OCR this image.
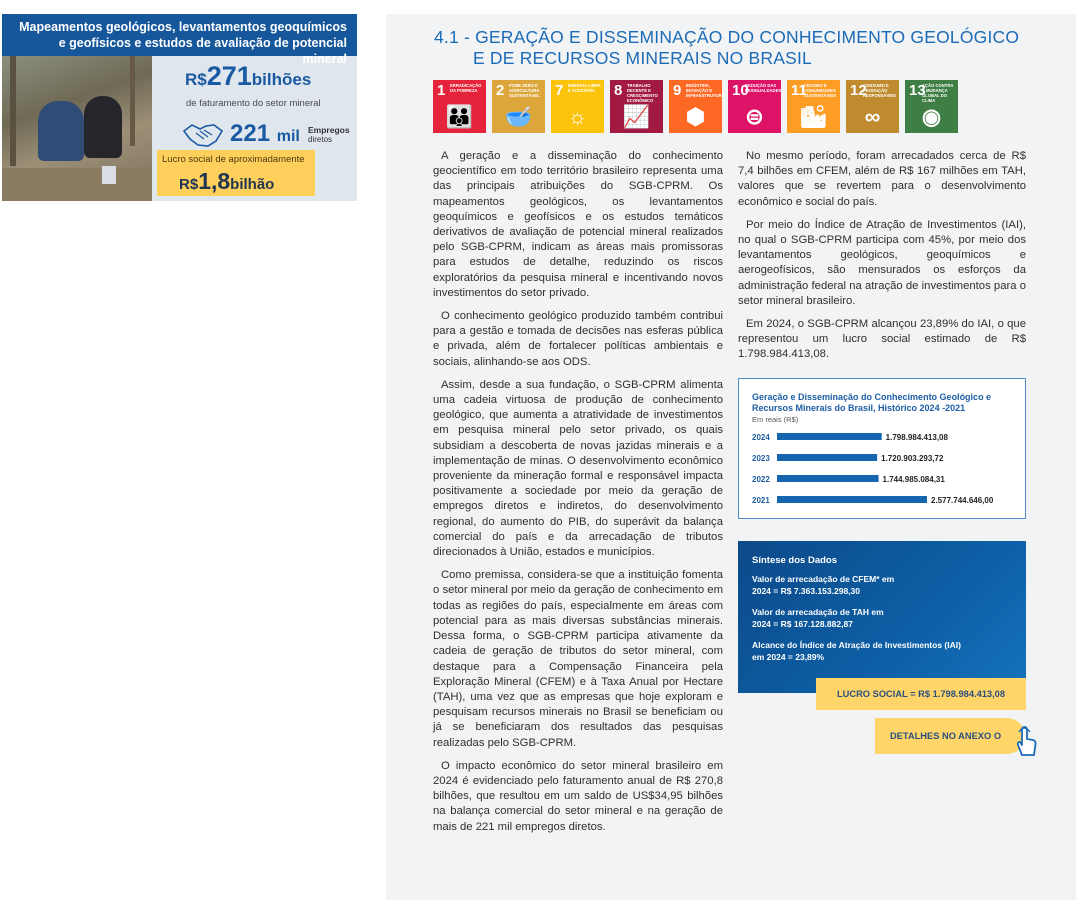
Mapeamentos geológicos, levantamentos geoquímicos e geofísicos e estudos de avaliação de potencial mineral
R$271bilhões
de faturamento do setor mineral
221 mil Empregos
diretos
Lucro social de aproximadamente
R$1,8bilhão
4.1 - GERAÇÃO E DISSEMINAÇÃO DO CONHECIMENTO GEOLÓGICO
E DE RECURSOS MINERAIS NO BRASIL
1 ERRADICAÇÃO DA POBREZA
👪
2 FOME ZERO E AGRICULTURA SUSTENTÁVEL
🥣
7 ENERGIA LIMPA E ACESSÍVEL
☼
8 TRABALHO DECENTE E CRESCIMENTO ECONÔMICO
📈
9 INDÚSTRIA, INOVAÇÃO E INFRAESTRUTURA
⬢
10
REDUÇÃO DAS DESIGUALDADES
⊜
11
CIDADES E COMUNIDADES SUSTENTÁVEIS
🏙
12
CONSUMO E PRODUÇÃO RESPONSÁVEIS
∞
13
AÇÃO CONTRA A MUDANÇA GLOBAL DO CLIMA
◉

A geração e a disseminação do conhecimento geocientífico em todo território brasileiro representa uma das principais atribuições do SGB-CPRM. Os mapeamentos geológicos, os levantamentos geoquímicos e geofísicos e os estudos temáticos derivativos de avaliação de potencial mineral realizados pelo SGB-CPRM, indicam as áreas mais promissoras para estudos de detalhe, reduzindo os riscos exploratórios da pesquisa mineral e incentivando novos investimentos do setor privado.

O conhecimento geológico produzido também contribui para a gestão e tomada de decisões nas esferas pública e privada, além de fortalecer políticas ambientais e sociais, alinhando-se aos ODS.

Assim, desde a sua fundação, o SGB-CPRM alimenta uma cadeia virtuosa de produção de conhecimento geológico, que aumenta a atratividade de investimentos em pesquisa mineral pelo setor privado, os quais subsidiam a descoberta de novas jazidas minerais e a implementação de minas. O desenvolvimento econômico proveniente da mineração formal e responsável impacta positivamente a sociedade por meio da geração de empregos diretos e indiretos, do desenvolvimento regional, do aumento do PIB, do superávit da balança comercial do país e da arrecadação de tributos direcionados à União, estados e municípios.

Como premissa, considera-se que a instituição fomenta o setor mineral por meio da geração de conhecimento em todas as regiões do país, especialmente em áreas com potencial para as mais diversas substâncias minerais. Dessa forma, o SGB-CPRM participa ativamente da cadeia de geração de tributos do setor mineral, com destaque para a Compensação Financeira pela Exploração Mineral (CFEM) e à Taxa Anual por Hectare (TAH), uma vez que as empresas que hoje exploram e pesquisam recursos minerais no Brasil se beneficiam ou já se beneficiaram dos resultados das pesquisas realizadas pelo SGB-CPRM.

O impacto econômico do setor mineral brasileiro em 2024 é evidenciado pelo faturamento anual de R$ 270,8 bilhões, que resultou em um saldo de US$34,95 bilhões na balança comercial do setor mineral e na geração de mais de 221 mil empregos diretos.

No mesmo período, foram arrecadados cerca de R$ 7,4 bilhões em CFEM, além de R$ 167 milhões em TAH, valores que se revertem para o desenvolvimento econômico e social do país.

Por meio do Índice de Atração de Investimentos (IAI), no qual o SGB-CPRM participa com 45%, por meio dos levantamentos geológicos, geoquímicos e aerogeofísicos, são mensurados os esforços da administração federal na atração de investimentos para o setor mineral brasileiro.

Em 2024, o SGB-CPRM alcançou 23,89% do IAI, o que representou um lucro social estimado de R$ 1.798.984.413,08.

Geração e Disseminação do Conhecimento Geológico e Recursos Minerais do Brasil, Histórico 2024 -2021
Em reais (R$)
2024	1.798.984.413,08
2023	1.720.903.293,72
2022	1.744.985.084,31
2021	2.577.744.646,00
Síntese dos Dados
Valor de arrecadação de CFEM* em
2024 = R$ 7.363.153.298,30
Valor de arrecadação de TAH em
2024 = R$ 167.128.882,87
Alcance do Índice de Atração de Investimentos (IAI)
em 2024 = 23,89%
LUCRO SOCIAL = R$ 1.798.984.413,08
DETALHES NO ANEXO O
